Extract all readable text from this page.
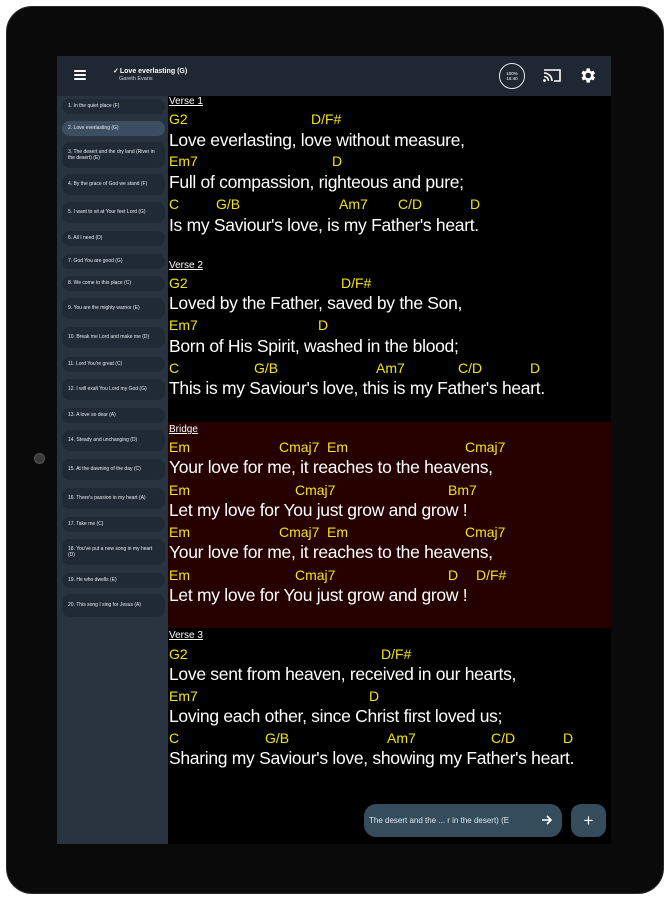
✓Love everlasting (G)
Gareth Evans
100% 16:40
1. In the quiet place (F)
2. Love everlasting (G)
3. The desert and the dry land (River in the desert) (E)
4. By the grace of God we stand (F)
5. I want to sit at Your feet Lord (G)
6. All I need (D)
7. God You are good (G)
8. We come to this place (C)
9. You are the mighty warrior (E)
10. Break me Lord and make me (D)
11. Lord You're great (C)
12. I will exalt You Lord my God (G)
13. A love so dear (A)
14. Steady and unchanging (D)
15. At the dawning of the day (C)
16. There's passion in my heart (A)
17. Take me (C)
18. You've put a new song in my heart (D)
19. He who dwells (E)
20. This song I sing for Jesus (A)
Verse 1
G2	D/F#
Love everlasting, love without measure,
Em7	D
Full of compassion, righteous and pure;
C	G/B	Am7 C/D	D
Is my Saviour's love, is my Father's heart.
Verse 2
G2	D/F#
Loved by the Father, saved by the Son,
Em7	D
Born of His Spirit, washed in the blood;
C	G/B	Am7	C/D	D
This is my Saviour's love, this is my Father's heart.
Bridge
Em	Cmaj7 Em	Cmaj7
Your love for me, it reaches to the heavens,
Em	Cmaj7	Bm7
Let my love for You just grow and grow !
Em	Cmaj7 Em	Cmaj7
Your love for me, it reaches to the heavens,
Em	Cmaj7	D D/F#
Let my love for You just grow and grow !
Verse 3
G2	D/F#
Love sent from heaven, received in our hearts,
Em7	D
Loving each other, since Christ first loved us;
C	G/B	Am7	C/D	D
Sharing my Saviour's love, showing my Father's heart.
The desert and the ... r in the desert) (E	+
